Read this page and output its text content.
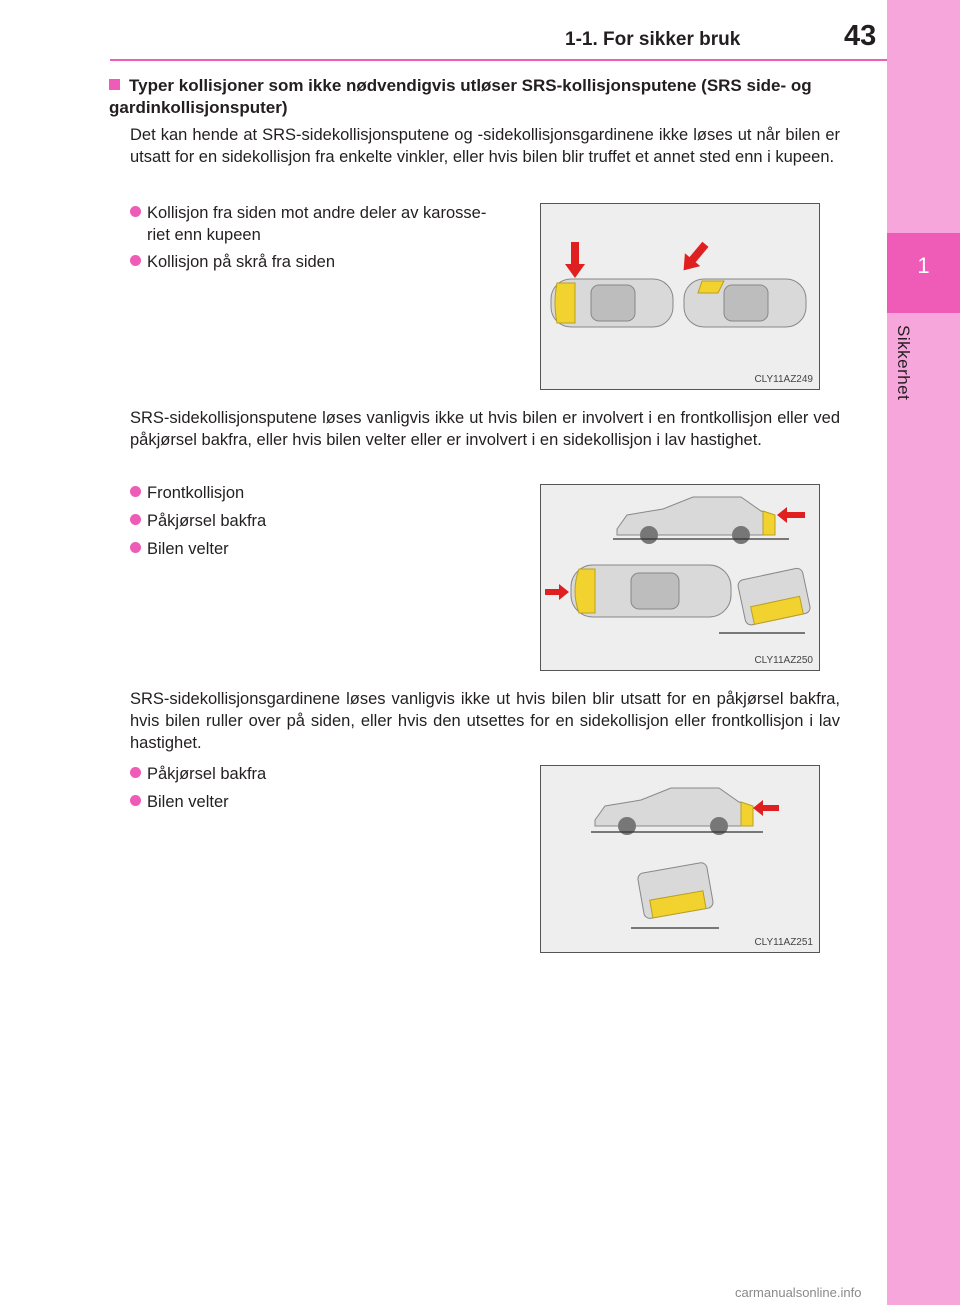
1
Sikkerhet
1-1. For sikker bruk	43
Typer kollisjoner som ikke nødvendigvis utløser SRS-kollisjonsputene (SRS side- og gardinkollisjonsputer)
Det kan hende at SRS-sidekollisjonsputene og -sidekollisjonsgardinene ikke løses ut når bilen er utsatt for en sidekollisjon fra enkelte vinkler, eller hvis bilen blir truffet et annet sted enn i kupeen.
Kollisjon fra siden mot andre deler av karosse-
riet enn kupeen
Kollisjon på skrå fra siden
CLY11AZ249
SRS-sidekollisjonsputene løses vanligvis ikke ut hvis bilen er involvert i en frontkollisjon eller ved påkjørsel bakfra, eller hvis bilen velter eller er involvert i en sidekollisjon i lav hastighet.
Frontkollisjon
Påkjørsel bakfra
Bilen velter
CLY11AZ250
SRS-sidekollisjonsgardinene løses vanligvis ikke ut hvis bilen blir utsatt for en påkjørsel bakfra, hvis bilen ruller over på siden, eller hvis den utsettes for en sidekollisjon eller frontkollisjon i lav hastighet.
Påkjørsel bakfra
Bilen velter
CLY11AZ251
carmanualsonline.info
